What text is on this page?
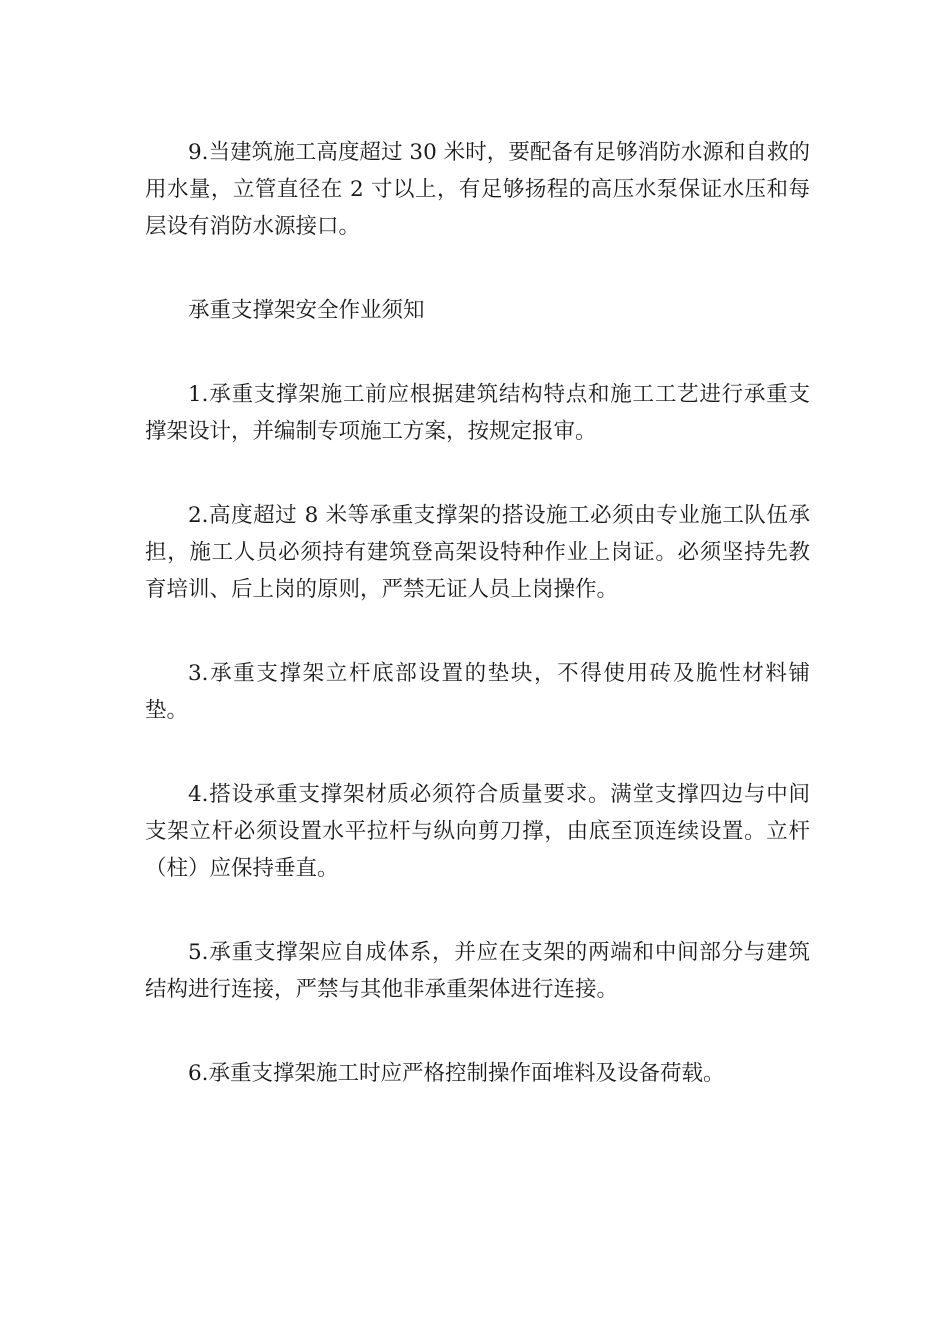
9.当建筑施工高度超过 30 米时，要配备有足够消防水源和自救的用水量，立管直径在 2 寸以上，有足够扬程的高压水泵保证水压和每层设有消防水源接口。

承重支撑架安全作业须知

1.承重支撑架施工前应根据建筑结构特点和施工工艺进行承重支撑架设计，并编制专项施工方案，按规定报审。

2.高度超过 8 米等承重支撑架的搭设施工必须由专业施工队伍承担，施工人员必须持有建筑登高架设特种作业上岗证。必须坚持先教育培训、后上岗的原则，严禁无证人员上岗操作。

3.承重支撑架立杆底部设置的垫块，不得使用砖及脆性材料铺垫。

4.搭设承重支撑架材质必须符合质量要求。满堂支撑四边与中间支架立杆必须设置水平拉杆与纵向剪刀撑，由底至顶连续设置。立杆（柱）应保持垂直。

5.承重支撑架应自成体系，并应在支架的两端和中间部分与建筑结构进行连接，严禁与其他非承重架体进行连接。

6.承重支撑架施工时应严格控制操作面堆料及设备荷载。
